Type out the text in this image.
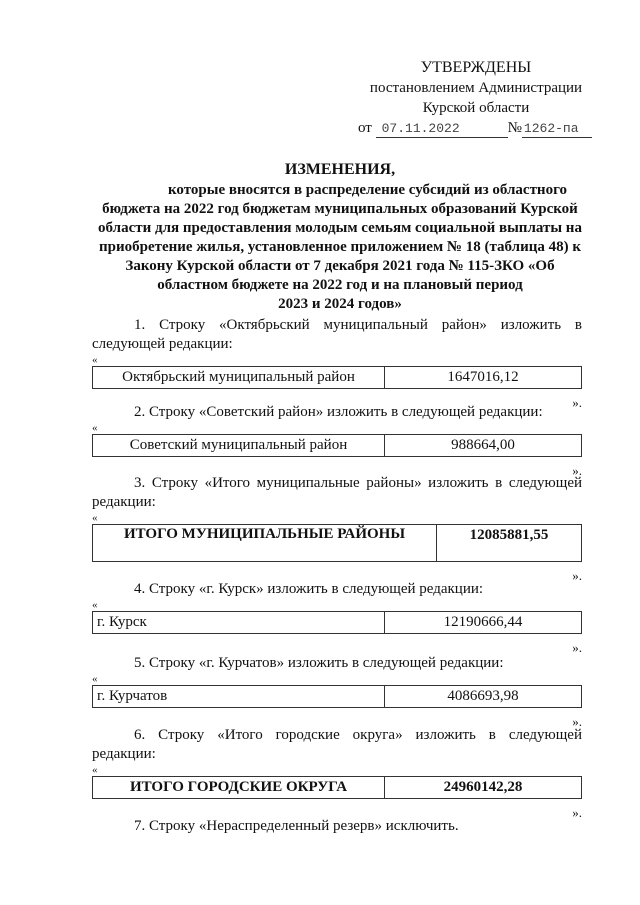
УТВЕРЖДЕНЫ
постановлением Администрации
Курской области
от 07.11.2022	№ 1262-па
ИЗМЕНЕНИЯ,
которые вносятся в распределение субсидий из областного
бюджета на 2022 год бюджетам муниципальных образований Курской
области для предоставления молодым семьям социальной выплаты на
приобретение жилья, установленное приложением № 18 (таблица 48) к
Закону Курской области от 7 декабря 2021 года № 115-ЗКО «Об
областном бюджете на 2022 год и на плановый период
2023 и 2024 годов»
1. Строку «Октябрьский муниципальный район» изложить в следующей редакции:
«
Октябрьский муниципальный район	1647016,12
».
2. Строку «Советский район» изложить в следующей редакции:
«
Советский муниципальный район	988664,00
».
3. Строку «Итого муниципальные районы» изложить в следующей редакции:
«
ИТОГО МУНИЦИПАЛЬНЫЕ РАЙОНЫ	12085881,55
».
4. Строку «г. Курск» изложить в следующей редакции:
«
г. Курск	12190666,44
».
5. Строку «г. Курчатов» изложить в следующей редакции:
«
г. Курчатов	4086693,98
».
6. Строку «Итого городские округа» изложить в следующей редакции:
«
ИТОГО ГОРОДСКИЕ ОКРУГА	24960142,28
».
7. Строку «Нераспределенный резерв» исключить.
